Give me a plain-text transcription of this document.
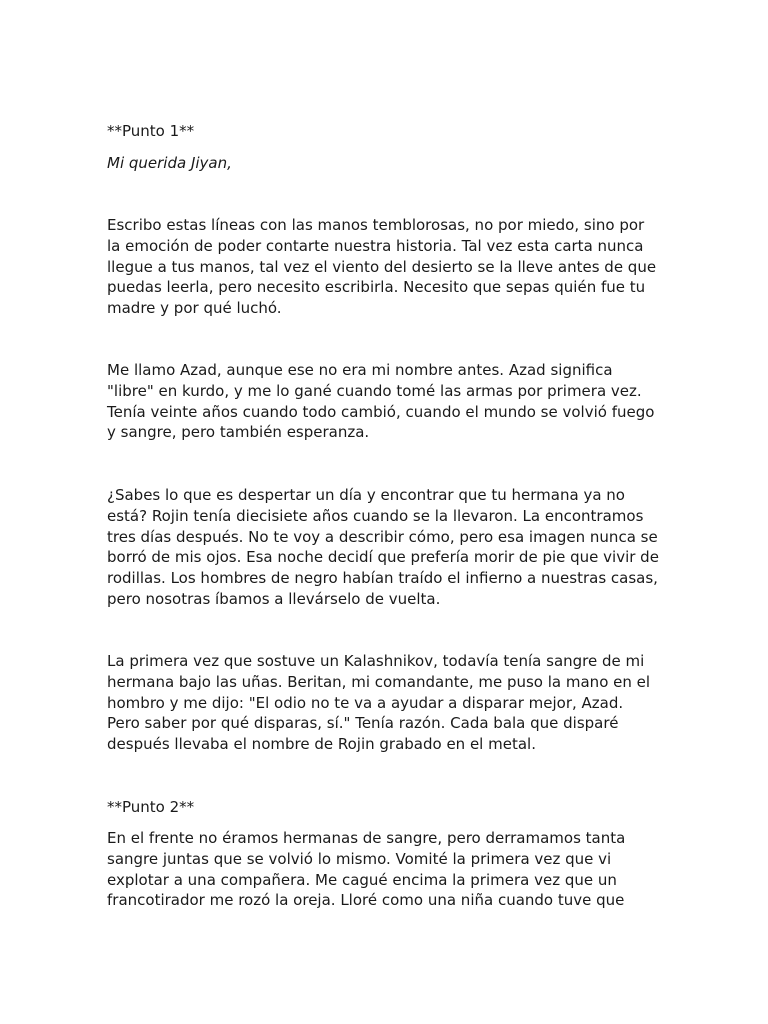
**Punto 1**

Mi querida Jiyan,

Escribo estas líneas con las manos temblorosas, no por miedo, sino por
la emoción de poder contarte nuestra historia. Tal vez esta carta nunca
llegue a tus manos, tal vez el viento del desierto se la lleve antes de que
puedas leerla, pero necesito escribirla. Necesito que sepas quién fue tu
madre y por qué luchó.

Me llamo Azad, aunque ese no era mi nombre antes. Azad significa
"libre" en kurdo, y me lo gané cuando tomé las armas por primera vez.
Tenía veinte años cuando todo cambió, cuando el mundo se volvió fuego
y sangre, pero también esperanza.

¿Sabes lo que es despertar un día y encontrar que tu hermana ya no
está? Rojin tenía diecisiete años cuando se la llevaron. La encontramos
tres días después. No te voy a describir cómo, pero esa imagen nunca se
borró de mis ojos. Esa noche decidí que prefería morir de pie que vivir de
rodillas. Los hombres de negro habían traído el infierno a nuestras casas,
pero nosotras íbamos a llevárselo de vuelta.

La primera vez que sostuve un Kalashnikov, todavía tenía sangre de mi
hermana bajo las uñas. Beritan, mi comandante, me puso la mano en el
hombro y me dijo: "El odio no te va a ayudar a disparar mejor, Azad.
Pero saber por qué disparas, sí." Tenía razón. Cada bala que disparé
después llevaba el nombre de Rojin grabado en el metal.

**Punto 2**

En el frente no éramos hermanas de sangre, pero derramamos tanta
sangre juntas que se volvió lo mismo. Vomité la primera vez que vi
explotar a una compañera. Me cagué encima la primera vez que un
francotirador me rozó la oreja. Lloré como una niña cuando tuve que
